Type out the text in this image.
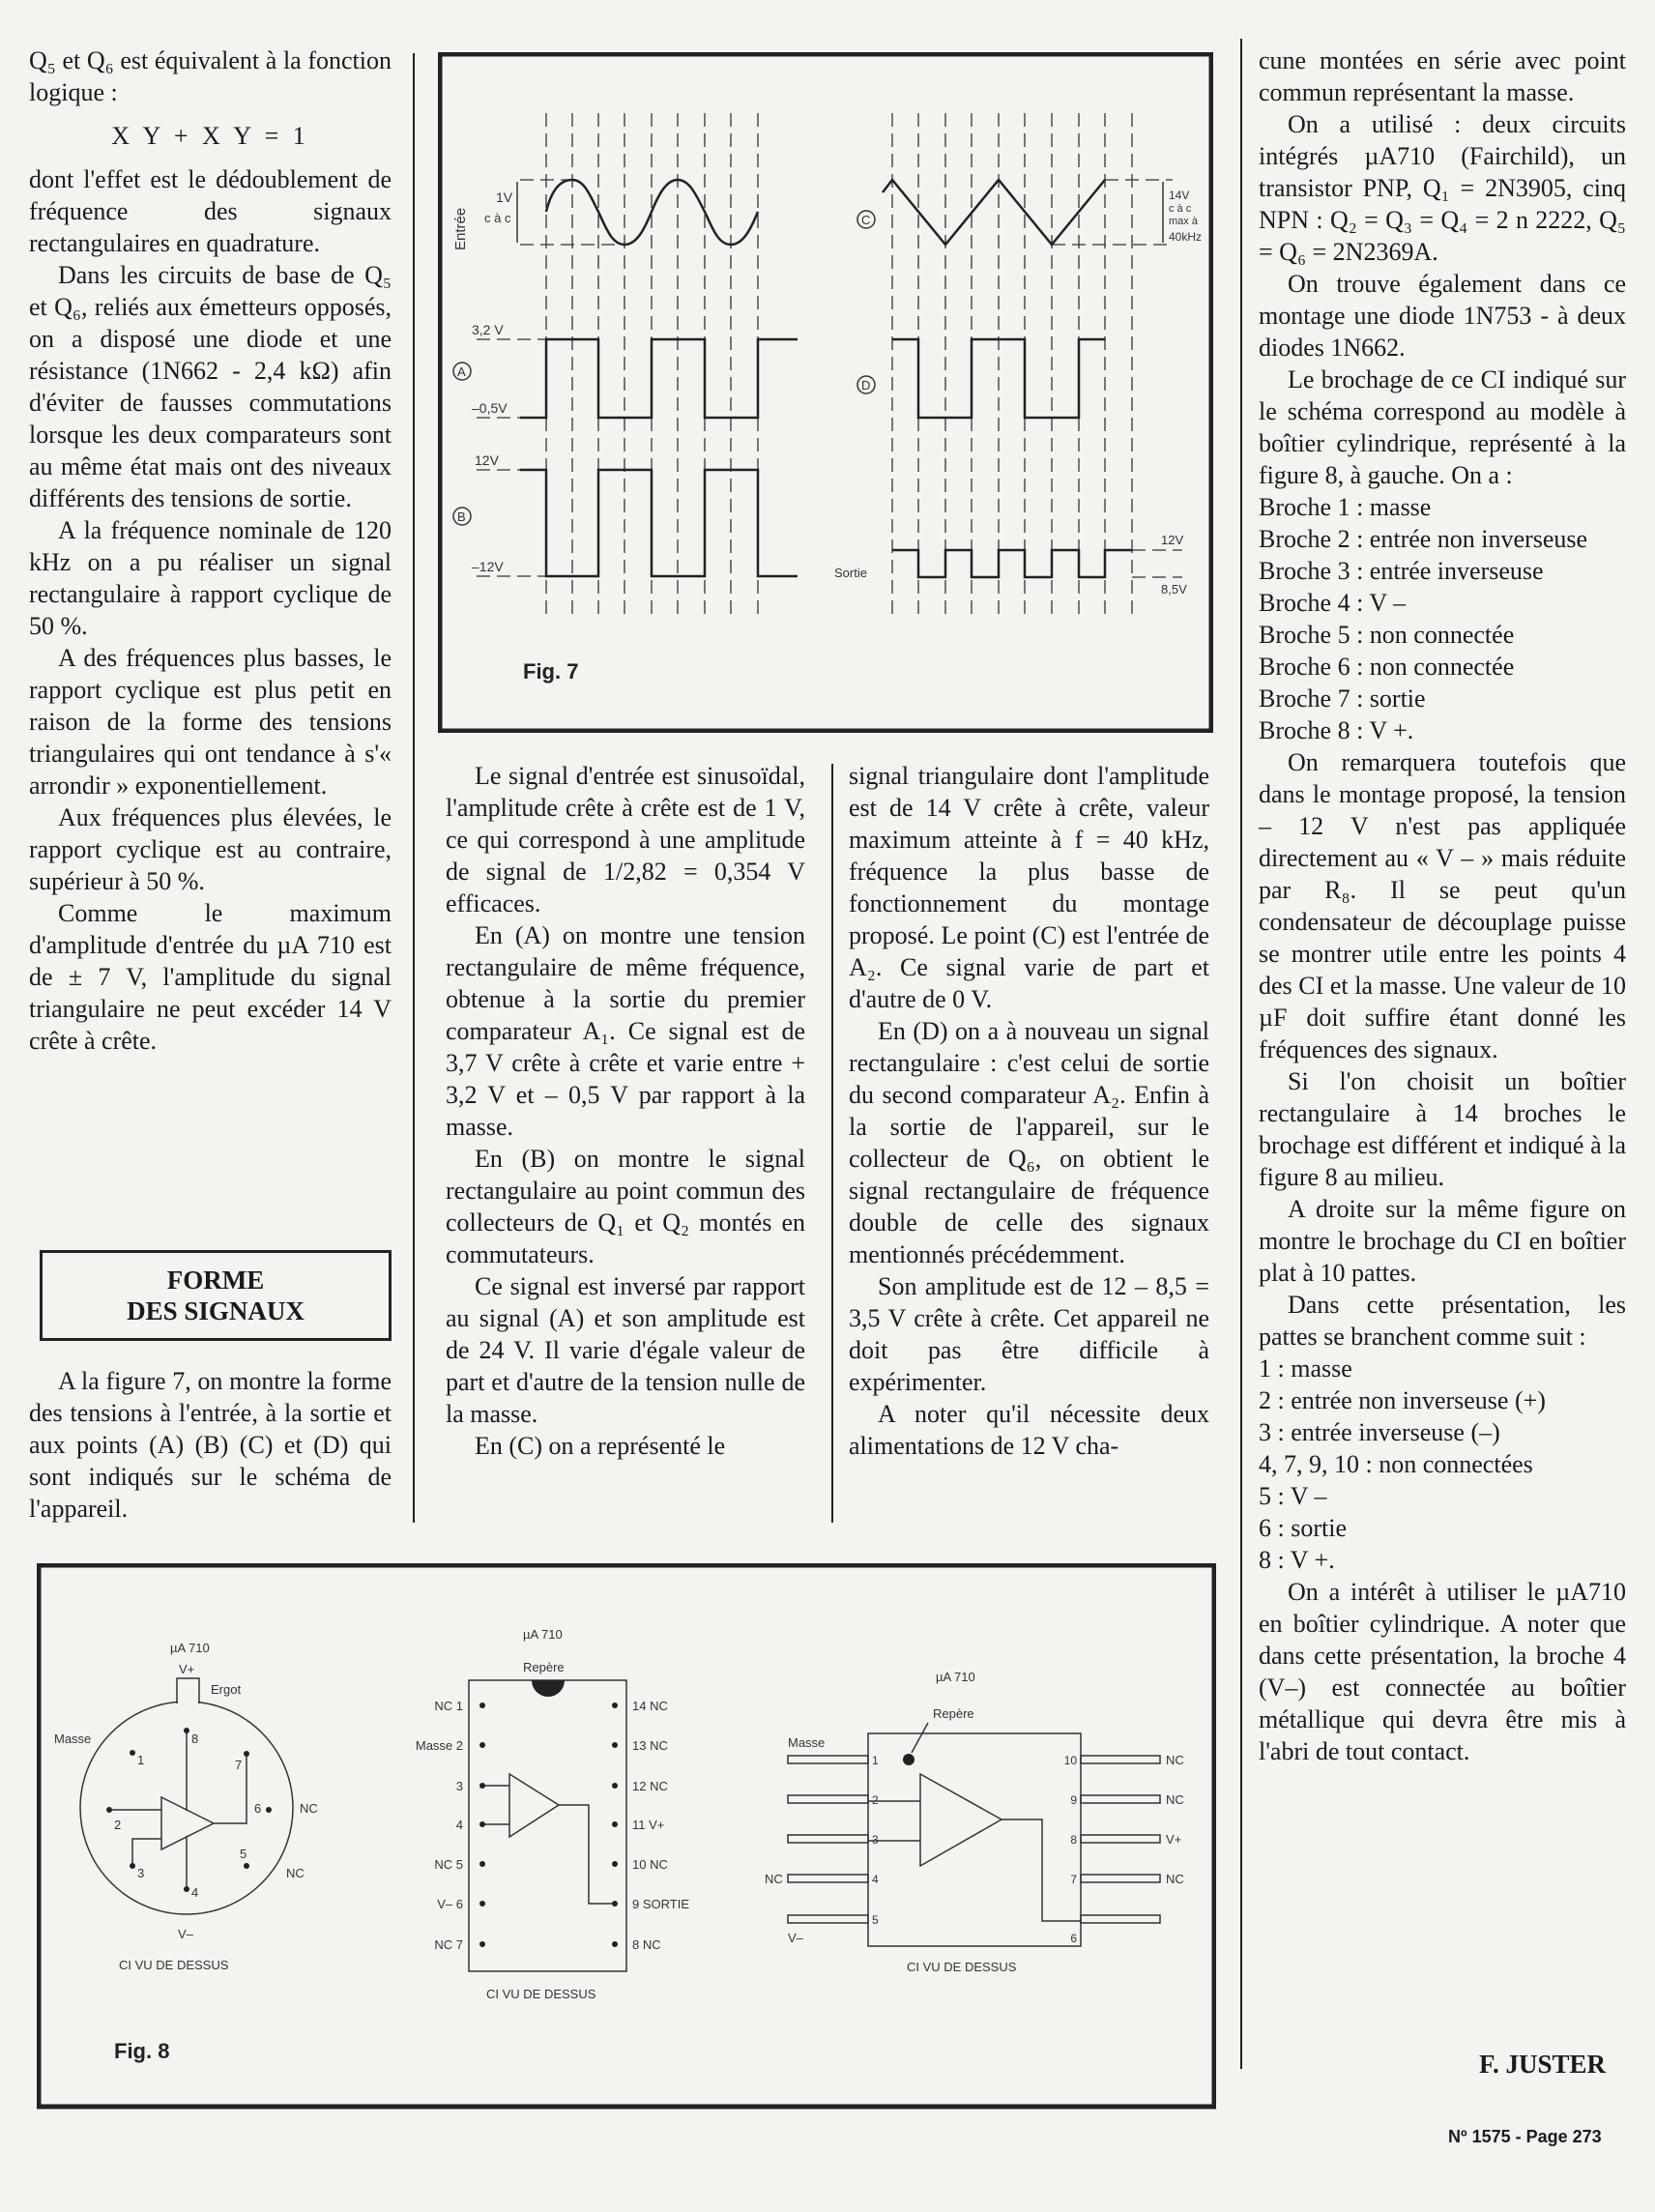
Q₅ et Q₆ est équivalent à la fonction logique :

X Y + X Y = 1

dont l'effet est le dédoublement de fréquence des signaux rectangulaires en quadrature.

Dans les circuits de base de Q₅ et Q₆, reliés aux émetteurs opposés, on a disposé une diode et une résistance (1N662 - 2,4 kΩ) afin d'éviter de fausses commutations lorsque les deux comparateurs sont au même état mais ont des niveaux différents des tensions de sortie.

A la fréquence nominale de 120 kHz on a pu réaliser un signal rectangulaire à rapport cyclique de 50 %.

A des fréquences plus basses, le rapport cyclique est plus petit en raison de la forme des tensions triangulaires qui ont tendance à s'« arrondir » exponentiellement.

Aux fréquences plus élevées, le rapport cyclique est au contraire, supérieur à 50 %.

Comme le maximum d'amplitude d'entrée du µA 710 est de ± 7 V, l'amplitude du signal triangulaire ne peut excéder 14 V crête à crête.

FORME
DES SIGNAUX

A la figure 7, on montre la forme des tensions à l'entrée, à la sortie et aux points (A) (B) (C) et (D) qui sont indiqués sur le schéma de l'appareil.

Entrée
1V
c à c
3,2 V
A
–0,5V
12V
B
–12V
C
D
14V
c à c
max à
40kHz
Sortie
12V
8,5V
Fig. 7

Le signal d'entrée est sinusoïdal, l'amplitude crête à crête est de 1 V, ce qui correspond à une amplitude de signal de 1/2,82 = 0,354 V efficaces.

En (A) on montre une tension rectangulaire de même fréquence, obtenue à la sortie du premier comparateur A₁. Ce signal est de 3,7 V crête à crête et varie entre + 3,2 V et – 0,5 V par rapport à la masse.

En (B) on montre le signal rectangulaire au point commun des collecteurs de Q₁ et Q₂ montés en commutateurs.

Ce signal est inversé par rapport au signal (A) et son amplitude est de 24 V. Il varie d'égale valeur de part et d'autre de la tension nulle de la masse.

En (C) on a représenté le

signal triangulaire dont l'amplitude est de 14 V crête à crête, valeur maximum atteinte à f = 40 kHz, fréquence la plus basse de fonctionnement du montage proposé. Le point (C) est l'entrée de A₂. Ce signal varie de part et d'autre de 0 V.

En (D) on a à nouveau un signal rectangulaire : c'est celui de sortie du second comparateur A₂. Enfin à la sortie de l'appareil, sur le collecteur de Q₆, on obtient le signal rectangulaire de fréquence double de celle des signaux mentionnés précédemment.

Son amplitude est de 12 – 8,5 = 3,5 V crête à crête. Cet appareil ne doit pas être difficile à expérimenter.

A noter qu'il nécessite deux alimentations de 12 V cha-

cune montées en série avec point commun représentant la masse.

On a utilisé : deux circuits intégrés µA710 (Fairchild), un transistor PNP, Q₁ = 2N3905, cinq NPN : Q₂ = Q₃ = Q₄ = 2 n 2222, Q₅ = Q₆ = 2N2369A.

On trouve également dans ce montage une diode 1N753 - à deux diodes 1N662.

Le brochage de ce CI indiqué sur le schéma correspond au modèle à boîtier cylindrique, représenté à la figure 8, à gauche. On a :

Broche 1 : masse
Broche 2 : entrée non inverseuse
Broche 3 : entrée inverseuse
Broche 4 : V –
Broche 5 : non connectée
Broche 6 : non connectée
Broche 7 : sortie
Broche 8 : V +.

On remarquera toutefois que dans le montage proposé, la tension – 12 V n'est pas appliquée directement au « V – » mais réduite par R₈. Il se peut qu'un condensateur de découplage puisse se montrer utile entre les points 4 des CI et la masse. Une valeur de 10 µF doit suffire étant donné les fréquences des signaux.

Si l'on choisit un boîtier rectangulaire à 14 broches le brochage est différent et indiqué à la figure 8 au milieu.

A droite sur la même figure on montre le brochage du CI en boîtier plat à 10 pattes.

Dans cette présentation, les pattes se branchent comme suit :

1 : masse
2 : entrée non inverseuse (+)
3 : entrée inverseuse (–)
4, 7, 9, 10 : non connectées
5 : V –
6 : sortie
8 : V +.

On a intérêt à utiliser le µA710 en boîtier cylindrique. A noter que dans cette présentation, la broche 4 (V–) est connectée au boîtier métallique qui devra être mis à l'abri de tout contact.

1
2
3
4
5
6
7
8
µA 710
V+
Ergot
Masse
NC
NC
V–
CI VU DE DESSUS
NC 1
Masse 2
3
4
NC 5
V– 6
NC 7
14 NC
13 NC
12 NC
11 V+
10 NC
9 SORTIE
8 NC
µA 710
Repère
CI VU DE DESSUS
1
2
3
4
5
10
9
8
7
6
NC
NC
V+
NC
Masse
NC
V–
µA 710
Repère
CI VU DE DESSUS
Fig. 8	F. JUSTER
Nº 1575 - Page 273
